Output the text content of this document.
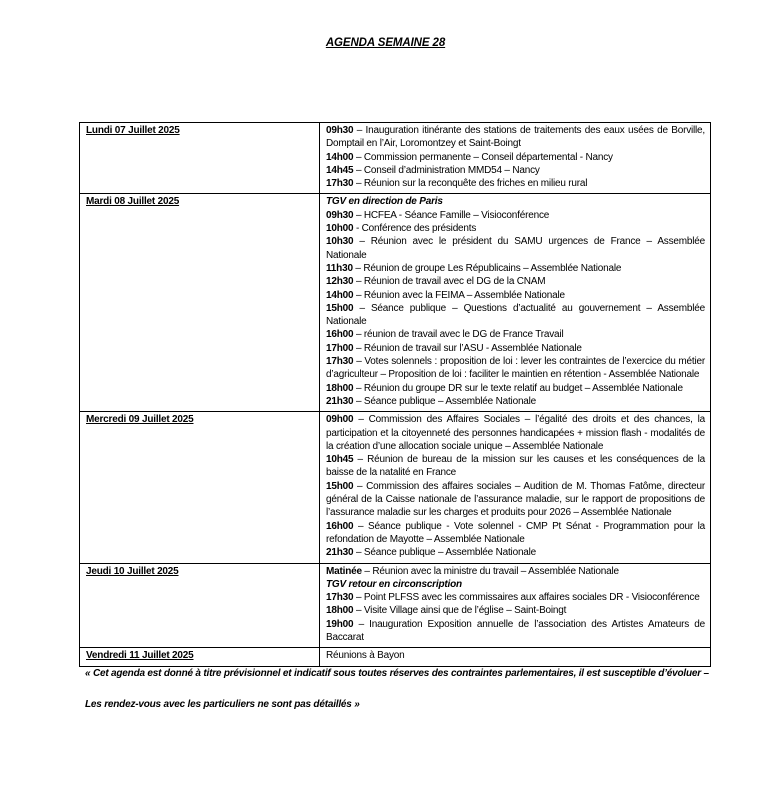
AGENDA SEMAINE 28
Lundi 07 Juillet 2025	09h30 – Inauguration itinérante des stations de traitements des eaux usées de Borville, Domptail en l’Air, Loromontzey et Saint-Boingt
14h00 – Commission permanente – Conseil départemental - Nancy
14h45 – Conseil d’administration MMD54 – Nancy
17h30 – Réunion sur la reconquête des friches en milieu rural

Mardi 08 Juillet 2025	TGV en direction de Paris
09h30 – HCFEA - Séance Famille – Visioconférence
10h00 - Conférence des présidents
10h30 – Réunion avec le président du SAMU urgences de France – Assemblée Nationale
11h30 – Réunion de groupe Les Républicains – Assemblée Nationale
12h30 – Réunion de travail avec el DG de la CNAM
14h00 – Réunion avec la FEIMA – Assemblée Nationale
15h00 – Séance publique – Questions d’actualité au gouvernement – Assemblée Nationale
16h00 – réunion de travail avec le DG de France Travail
17h00 – Réunion de travail sur l’ASU - Assemblée Nationale
17h30 – Votes solennels : proposition de loi : lever les contraintes de l’exercice du métier d’agriculteur – Proposition de loi : faciliter le maintien en rétention - Assemblée Nationale
18h00 – Réunion du groupe DR sur le texte relatif au budget – Assemblée Nationale
21h30 – Séance publique – Assemblée Nationale

Mercredi 09 Juillet 2025	09h00 – Commission des Affaires Sociales – l’égalité des droits et des chances, la participation et la citoyenneté des personnes handicapées + mission flash - modalités de la création d’une allocation sociale unique – Assemblée Nationale
10h45 – Réunion de bureau de la mission sur les causes et les conséquences de la baisse de la natalité en France
15h00 – Commission des affaires sociales – Audition de M. Thomas Fatôme, directeur général de la Caisse nationale de l’assurance maladie, sur le rapport de propositions de l’assurance maladie sur les charges et produits pour 2026 – Assemblée Nationale
16h00 – Séance publique - Vote solennel - CMP Pt Sénat - Programmation pour la refondation de Mayotte – Assemblée Nationale
21h30 – Séance publique – Assemblée Nationale

Jeudi 10 Juillet 2025	Matinée – Réunion avec la ministre du travail – Assemblée Nationale
TGV retour en circonscription
17h30 – Point PLFSS avec les commissaires aux affaires sociales DR - Visioconférence
18h00 – Visite Village ainsi que de l’église – Saint-Boingt
19h00 – Inauguration Exposition annuelle de l’association des Artistes Amateurs de Baccarat

Vendredi 11 Juillet 2025	Réunions à Bayon

« Cet agenda est donné à titre prévisionnel et indicatif sous toutes réserves des contraintes parlementaires, il est susceptible d’évoluer –

Les rendez-vous avec les particuliers ne sont pas détaillés »
